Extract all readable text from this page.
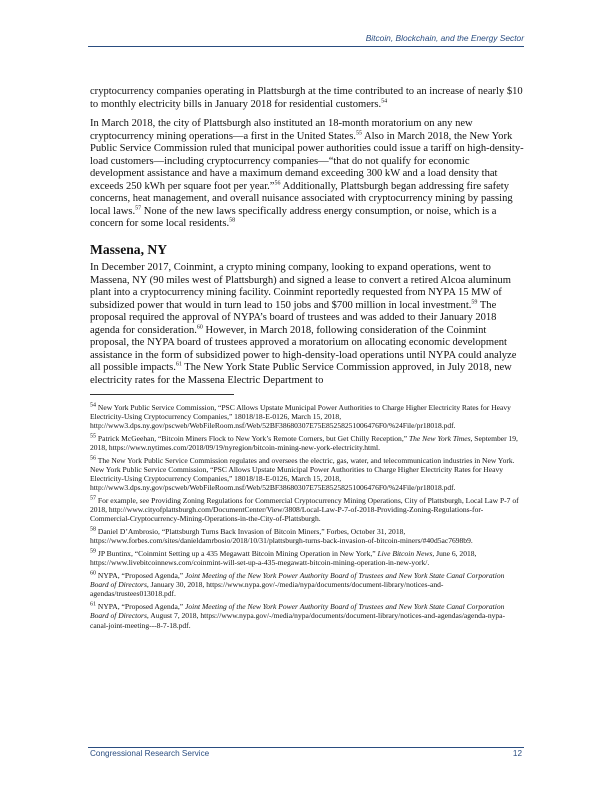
Bitcoin, Blockchain, and the Energy Sector

cryptocurrency companies operating in Plattsburgh at the time contributed to an increase of nearly $10 to monthly electricity bills in January 2018 for residential customers.$^{54}$

In March 2018, the city of Plattsburgh also instituted an 18-month moratorium on any new cryptocurrency mining operations—a first in the United States.$^{55}$ Also in March 2018, the New York Public Service Commission ruled that municipal power authorities could issue a tariff on high-density-load customers—including cryptocurrency companies—“that do not qualify for economic development assistance and have a maximum demand exceeding 300 kW and a load density that exceeds 250 kWh per square foot per year.”$^{56}$ Additionally, Plattsburgh began addressing fire safety concerns, heat management, and overall nuisance associated with cryptocurrency mining by passing local laws.$^{57}$ None of the new laws specifically address energy consumption, or noise, which is a concern for some local residents.$^{58}$

Massena, NY

In December 2017, Coinmint, a crypto mining company, looking to expand operations, went to Massena, NY (90 miles west of Plattsburgh) and signed a lease to convert a retired Alcoa aluminum plant into a cryptocurrency mining facility. Coinmint reportedly requested from NYPA 15 MW of subsidized power that would in turn lead to 150 jobs and $700 million in local investment.$^{59}$ The proposal required the approval of NYPA’s board of trustees and was added to their January 2018 agenda for consideration.$^{60}$ However, in March 2018, following consideration of the Coinmint proposal, the NYPA board of trustees approved a moratorium on allocating economic development assistance in the form of subsidized power to high-density-load operations until NYPA could analyze all possible impacts.$^{61}$ The New York State Public Service Commission approved, in July 2018, new electricity rates for the Massena Electric Department to

$^{54}$ New York Public Service Commission, “PSC Allows Upstate Municipal Power Authorities to Charge Higher Electricity Rates for Heavy Electricity-Using Cryptocurrency Companies,” 18018/18-E-0126, March 15, 2018, http://www3.dps.ny.gov/pscweb/WebFileRoom.nsf/Web/52BF38680307E75E85258251006476F0/%24File/pr18018.pdf.
$^{55}$ Patrick McGeehan, “Bitcoin Miners Flock to New York’s Remote Corners, but Get Chilly Reception,” The New York Times, September 19, 2018, https://www.nytimes.com/2018/09/19/nyregion/bitcoin-mining-new-york-electricity.html.
$^{56}$ The New York Public Service Commission regulates and oversees the electric, gas, water, and telecommunication industries in New York. New York Public Service Commission, “PSC Allows Upstate Municipal Power Authorities to Charge Higher Electricity Rates for Heavy Electricity-Using Cryptocurrency Companies,” 18018/18-E-0126, March 15, 2018, http://www3.dps.ny.gov/pscweb/WebFileRoom.nsf/Web/52BF38680307E75E85258251006476F0/%24File/pr18018.pdf.
$^{57}$ For example, see Providing Zoning Regulations for Commercial Cryptocurrency Mining Operations, City of Plattsburgh, Local Law P-7 of 2018, http://www.cityofplattsburgh.com/DocumentCenter/View/3808/Local-Law-P-7-of-2018-Providing-Zoning-Regulations-for-Commercial-Cryptocurrency-Mining-Operations-in-the-City-of-Plattsburgh.
$^{58}$ Daniel D’Ambrosio, “Plattsburgh Turns Back Invasion of Bitcoin Miners,” Forbes, October 31, 2018, https://www.forbes.com/sites/danieldamrbosio/2018/10/31/plattsburgh-turns-back-invasion-of-bitcoin-miners/#40d5ac7698b9.
$^{59}$ JP Buntinx, “Coinmint Setting up a 435 Megawatt Bitcoin Mining Operation in New York,” Live Bitcoin News, June 6, 2018, https://www.livebitcoinnews.com/coinmint-will-set-up-a-435-megawatt-bitcoin-mining-operation-in-new-york/.
$^{60}$ NYPA, “Proposed Agenda,” Joint Meeting of the New York Power Authority Board of Trustees and New York State Canal Corporation Board of Directors, January 30, 2018, https://www.nypa.gov/-/media/nypa/documents/document-library/notices-and-agendas/trustees013018.pdf.
$^{61}$ NYPA, “Proposed Agenda,” Joint Meeting of the New York Power Authority Board of Trustees and New York State Canal Corporation Board of Directors, August 7, 2018, https://www.nypa.gov/-/media/nypa/documents/document-library/notices-and-agendas/agenda-nypa-canal-joint-meeting---8-7-18.pdf.
Congressional Research Service	12
